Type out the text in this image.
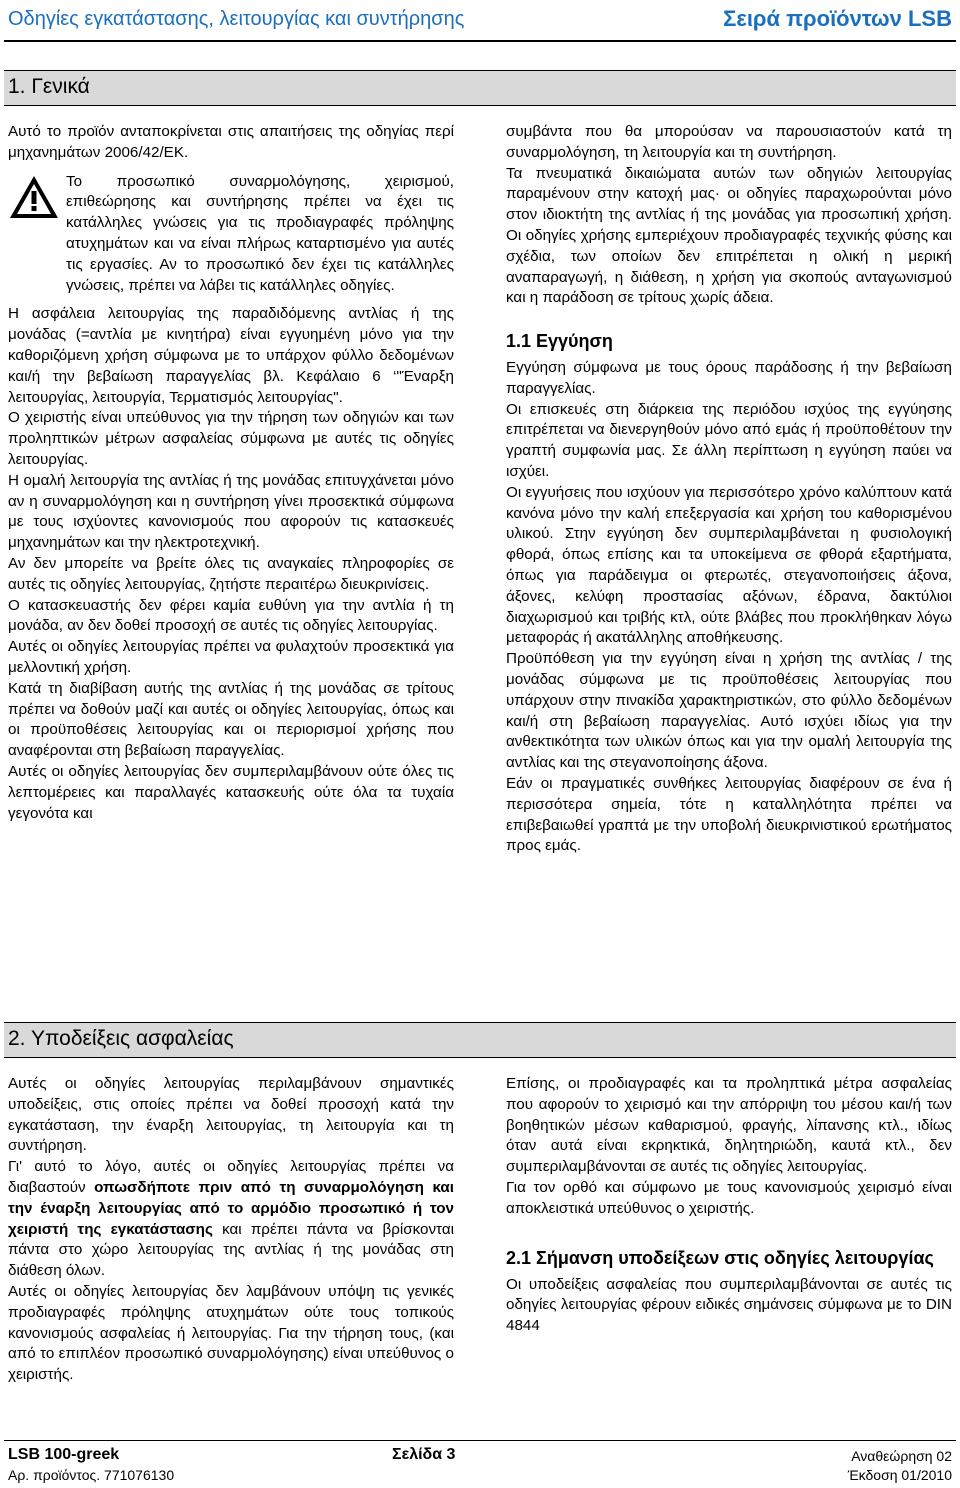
Οδηγίες εγκατάστασης, λειτουργίας και συντήρησης	Σειρά προϊόντων LSB
1. Γενικά

Αυτό το προϊόν ανταποκρίνεται στις απαιτήσεις της οδηγίας περί μηχανημάτων 2006/42/ΕΚ.

Το προσωπικό συναρμολόγησης, χειρισμού, επιθεώρησης και συντήρησης πρέπει να έχει τις κατάλληλες γνώσεις για τις προδιαγραφές πρόληψης ατυχημάτων και να είναι πλήρως καταρτισμένο για αυτές τις εργασίες. Αν το προσωπικό δεν έχει τις κατάλληλες γνώσεις, πρέπει να λάβει τις κατάλληλες οδηγίες.

Η ασφάλεια λειτουργίας της παραδιδόμενης αντλίας ή της μονάδας (=αντλία με κινητήρα) είναι εγγυημένη μόνο για την καθοριζόμενη χρήση σύμφωνα με το υπάρχον φύλλο δεδομένων και/ή την βεβαίωση παραγγελίας βλ. Κεφάλαιο 6 ‘"Έναρξη λειτουργίας, λειτουργία, Τερματισμός λειτουργίας".

Ο χειριστής είναι υπεύθυνος για την τήρηση των οδηγιών και των προληπτικών μέτρων ασφαλείας σύμφωνα με αυτές τις οδηγίες λειτουργίας.

Η ομαλή λειτουργία της αντλίας ή της μονάδας επιτυγχάνεται μόνο αν η συναρμολόγηση και η συντήρηση γίνει προσεκτικά σύμφωνα με τους ισχύοντες κανονισμούς που αφορούν τις κατασκευές μηχανημάτων και την ηλεκτροτεχνική.

Αν δεν μπορείτε να βρείτε όλες τις αναγκαίες πληροφορίες σε αυτές τις οδηγίες λειτουργίας, ζητήστε περαιτέρω διευκρινίσεις.

Ο κατασκευαστής δεν φέρει καμία ευθύνη για την αντλία ή τη μονάδα, αν δεν δοθεί προσοχή σε αυτές τις οδηγίες λειτουργίας.

Αυτές οι οδηγίες λειτουργίας πρέπει να φυλαχτούν προσεκτικά για μελλοντική χρήση.

Κατά τη διαβίβαση αυτής της αντλίας ή της μονάδας σε τρίτους πρέπει να δοθούν μαζί και αυτές οι οδηγίες λειτουργίας, όπως και οι προϋποθέσεις λειτουργίας και οι περιορισμοί χρήσης που αναφέρονται στη βεβαίωση παραγγελίας.

Αυτές οι οδηγίες λειτουργίας δεν συμπεριλαμβάνουν ούτε όλες τις λεπτομέρειες και παραλλαγές κατασκευής ούτε όλα τα τυχαία γεγονότα και

συμβάντα που θα μπορούσαν να παρουσιαστούν κατά τη συναρμολόγηση, τη λειτουργία και τη συντήρηση.

Τα πνευματικά δικαιώματα αυτών των οδηγιών λειτουργίας παραμένουν στην κατοχή μας· οι οδηγίες παραχωρούνται μόνο στον ιδιοκτήτη της αντλίας ή της μονάδας για προσωπική χρήση. Οι οδηγίες χρήσης εμπεριέχουν προδιαγραφές τεχνικής φύσης και σχέδια, των οποίων δεν επιτρέπεται η ολική η μερική αναπαραγωγή, η διάθεση, η χρήση για σκοπούς ανταγωνισμού και η παράδοση σε τρίτους χωρίς άδεια.

1.1 Εγγύηση

Εγγύηση σύμφωνα με τους όρους παράδοσης ή την βεβαίωση παραγγελίας.

Οι επισκευές στη διάρκεια της περιόδου ισχύος της εγγύησης επιτρέπεται να διενεργηθούν μόνο από εμάς ή προϋποθέτουν την γραπτή συμφωνία μας. Σε άλλη περίπτωση η εγγύηση παύει να ισχύει.

Οι εγγυήσεις που ισχύουν για περισσότερο χρόνο καλύπτουν κατά κανόνα μόνο την καλή επεξεργασία και χρήση του καθορισμένου υλικού. Στην εγγύηση δεν συμπεριλαμβάνεται η φυσιολογική φθορά, όπως επίσης και τα υποκείμενα σε φθορά εξαρτήματα, όπως για παράδειγμα οι φτερωτές, στεγανοποιήσεις άξονα, άξονες, κελύφη προστασίας αξόνων, έδρανα, δακτύλιοι διαχωρισμού και τριβής κτλ, ούτε βλάβες που προκλήθηκαν λόγω μεταφοράς ή ακατάλληλης αποθήκευσης.

Προϋπόθεση για την εγγύηση είναι η χρήση της αντλίας / της μονάδας σύμφωνα με τις προϋποθέσεις λειτουργίας που υπάρχουν στην πινακίδα χαρακτηριστικών, στο φύλλο δεδομένων και/ή στη βεβαίωση παραγγελίας. Αυτό ισχύει ιδίως για την ανθεκτικότητα των υλικών όπως και για την ομαλή λειτουργία της αντλίας και της στεγανοποίησης άξονα.

Εάν οι πραγματικές συνθήκες λειτουργίας διαφέρουν σε ένα ή περισσότερα σημεία, τότε η καταλληλότητα πρέπει να επιβεβαιωθεί γραπτά με την υποβολή διευκρινιστικού ερωτήματος προς εμάς.

2. Υποδείξεις ασφαλείας

Αυτές οι οδηγίες λειτουργίας περιλαμβάνουν σημαντικές υποδείξεις, στις οποίες πρέπει να δοθεί προσοχή κατά την εγκατάσταση, την έναρξη λειτουργίας, τη λειτουργία και τη συντήρηση.

Γι' αυτό το λόγο, αυτές οι οδηγίες λειτουργίας πρέπει να διαβαστούν οπωσδήποτε πριν από τη συναρμολόγηση και την έναρξη λειτουργίας από το αρμόδιο προσωπικό ή τον χειριστή της εγκατάστασης και πρέπει πάντα να βρίσκονται πάντα στο χώρο λειτουργίας της αντλίας ή της μονάδας στη διάθεση όλων.

Αυτές οι οδηγίες λειτουργίας δεν λαμβάνουν υπόψη τις γενικές προδιαγραφές πρόληψης ατυχημάτων ούτε τους τοπικούς κανονισμούς ασφαλείας ή λειτουργίας. Για την τήρηση τους, (και από το επιπλέον προσωπικό συναρμολόγησης) είναι υπεύθυνος ο χειριστής.

Επίσης, οι προδιαγραφές και τα προληπτικά μέτρα ασφαλείας που αφορούν το χειρισμό και την απόρριψη του μέσου και/ή των βοηθητικών μέσων καθαρισμού, φραγής, λίπανσης κτλ., ιδίως όταν αυτά είναι εκρηκτικά, δηλητηριώδη, καυτά κτλ., δεν συμπεριλαμβάνονται σε αυτές τις οδηγίες λειτουργίας.

Για τον ορθό και σύμφωνο με τους κανονισμούς χειρισμό είναι αποκλειστικά υπεύθυνος ο χειριστής.

2.1 Σήμανση υποδείξεων στις οδηγίες λειτουργίας

Οι υποδείξεις ασφαλείας που συμπεριλαμβάνονται σε αυτές τις οδηγίες λειτουργίας φέρουν ειδικές σημάνσεις σύμφωνα με το DIN 4844

LSB 100-greek	Σελίδα 3	Αναθεώρηση 02
Αρ. προϊόντος. 771076130	Έκδοση 01/2010
